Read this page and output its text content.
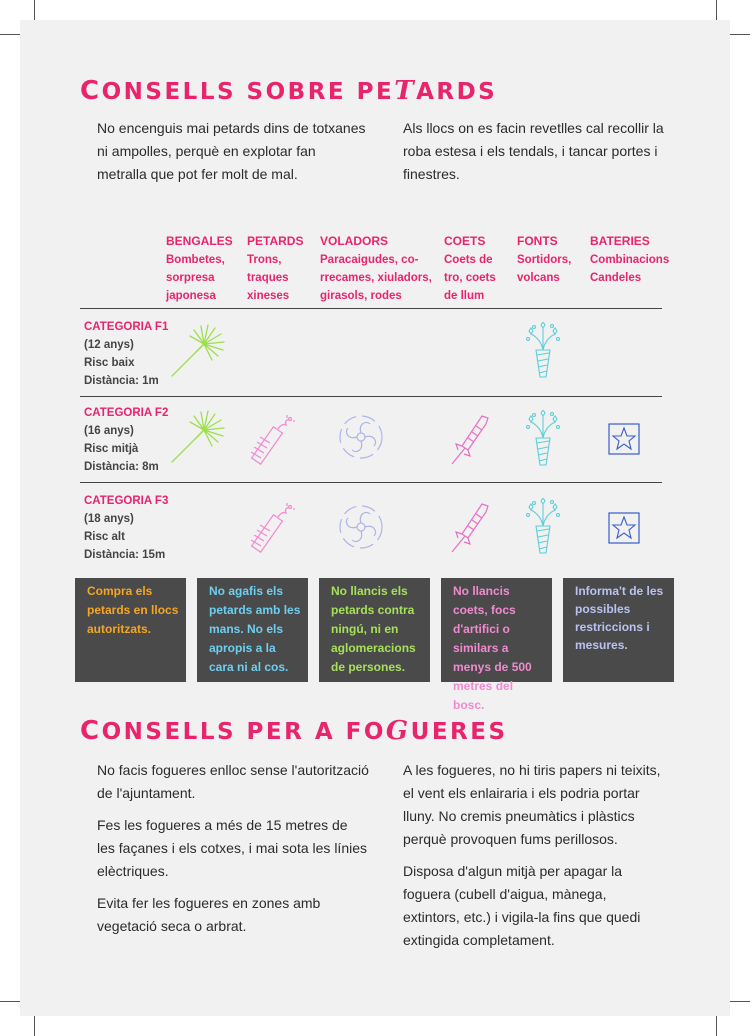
CONSELLS SOBRE PETARDS

No encenguis mai petards dins de totxanes ni ampolles, perquè en explotar fan metralla que pot fer molt de mal.

Als llocs on es facin revetlles cal recollir la roba estesa i els tendals, i tancar portes i finestres.

BENGALES
Bombetes, sorpresa japonesa
PETARDS
Trons, traques xineses
VOLADORS
Paracaigudes, co-rrecames, xiuladors, girasols, rodes
COETS
Coets de tro, coets de llum
FONTS
Sortidors, volcans
BATERIES
Combinacions Candeles
CATEGORIA F1
(12 anys)
Risc baix
Distància: 1m
CATEGORIA F2
(16 anys)
Risc mitjà
Distància: 8m
CATEGORIA F3
(18 anys)
Risc alt
Distància: 15m
Compra els petards en llocs autoritzats.
No agafis els petards amb les mans. No els apropis a la cara ni al cos.
No llancis els petards contra ningú, ni en aglomeracions de persones.
No llancis coets, focs d'artifici o similars a menys de 500 metres del bosc.
Informa't de les possibles restriccions i mesures.
CONSELLS PER A FOGUERES

No facis fogueres enlloc sense l'autorització de l'ajuntament.

Fes les fogueres a més de 15 metres de les façanes i els cotxes, i mai sota les línies elèctriques.

Evita fer les fogueres en zones amb vegetació seca o arbrat.

A les fogueres, no hi tiris papers ni teixits, el vent els enlairaria i els podria portar lluny. No cremis pneumàtics i plàstics perquè provoquen fums perillosos.

Disposa d'algun mitjà per apagar la foguera (cubell d'aigua, mànega, extintors, etc.) i vigila-la fins que quedi extingida completament.
